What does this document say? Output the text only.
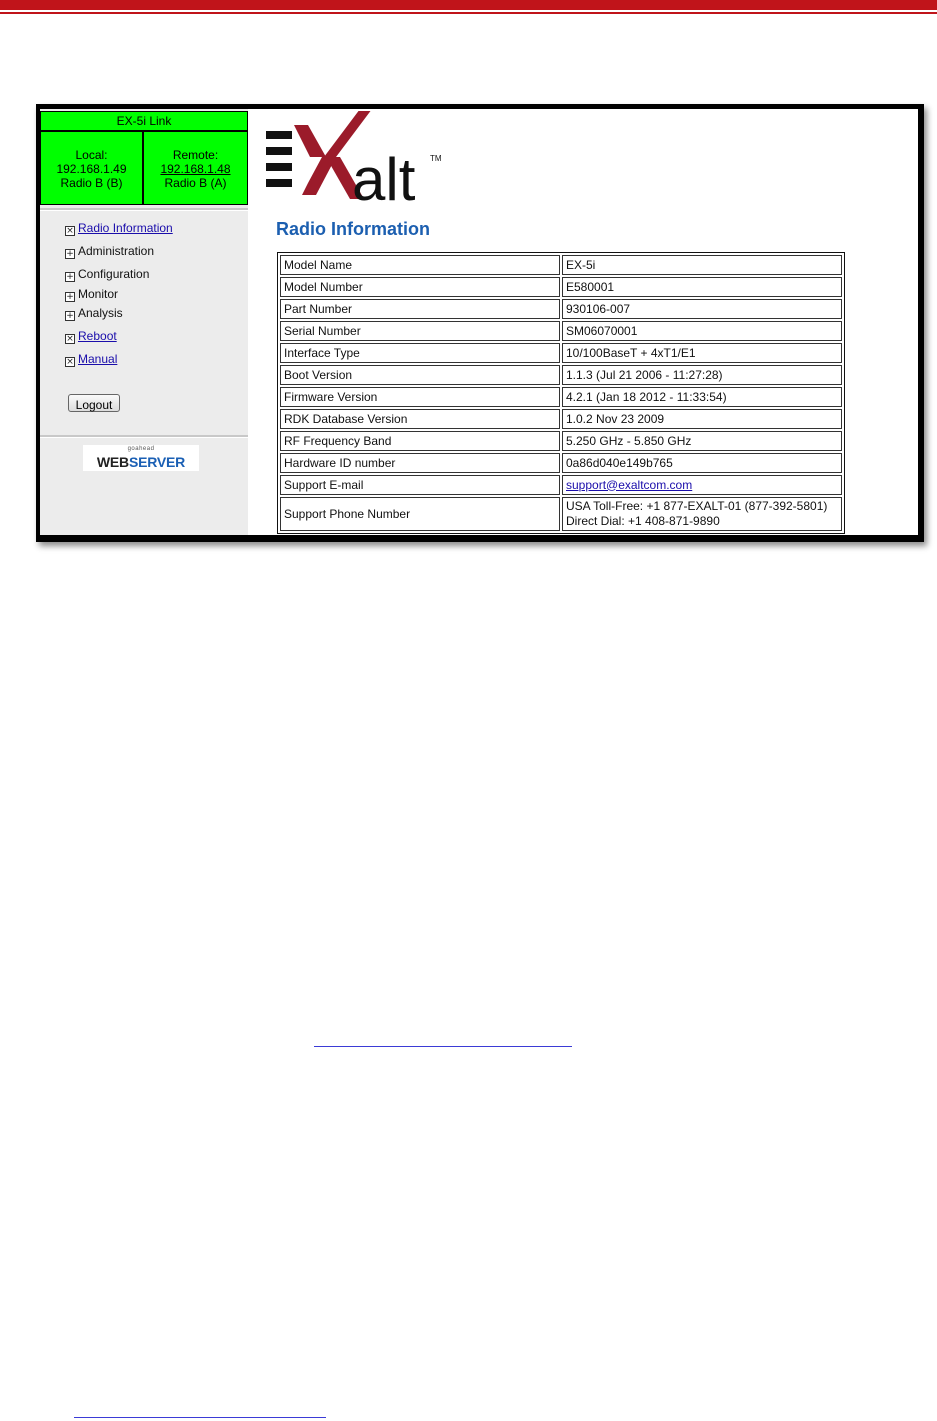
EX-5i Link
Local:
192.168.1.49
Radio B (B)
Remote:
192.168.1.48
Radio B (A)
× Radio Information
+ Administration
+ Configuration
+ Monitor
+ Analysis
× Reboot
× Manual
Logout
goahead
WEBSERVER
alt TM
Radio Information
Model Name	EX-5i
Model Number	E580001
Part Number	930106-007
Serial Number	SM06070001
Interface Type	10/100BaseT + 4xT1/E1
Boot Version	1.1.3 (Jul 21 2006 - 11:27:28)
Firmware Version	4.2.1 (Jan 18 2012 - 11:33:54)
RDK Database Version	1.0.2 Nov 23 2009
RF Frequency Band	5.250 GHz - 5.850 GHz
Hardware ID number	0a86d040e149b765
Support E-mail	support@exaltcom.com
Support Phone Number	USA Toll-Free: +1 877-EXALT-01 (877-392-5801)
Direct Dial: +1 408-871-9890
